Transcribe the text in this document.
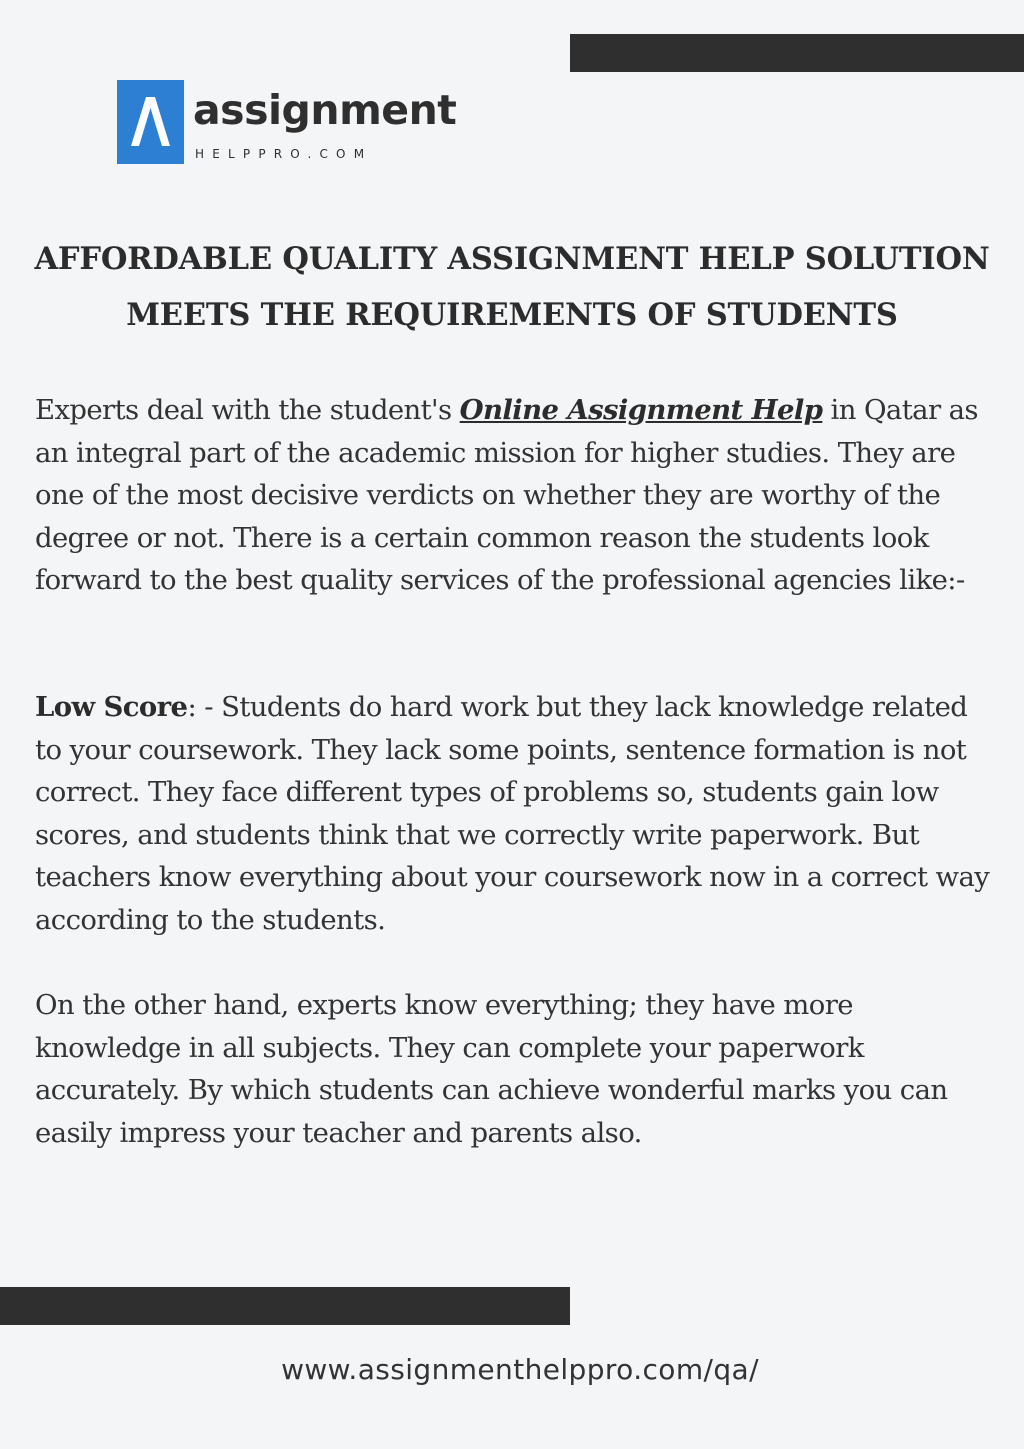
assignment
HELPPRO.COM
AFFORDABLE QUALITY ASSIGNMENT HELP SOLUTION
MEETS THE REQUIREMENTS OF STUDENTS

Experts deal with the student's Online Assignment Help in Qatar as an integral part of the academic mission for higher studies. They are one of the most decisive verdicts on whether they are worthy of the degree or not. There is a certain common reason the students look forward to the best quality services of the professional agencies like:-

Low Score: - Students do hard work but they lack knowledge related to your coursework. They lack some points, sentence formation is not correct. They face different types of problems so, students gain low scores, and students think that we correctly write paperwork. But teachers know everything about your coursework now in a correct way according to the students.

On the other hand, experts know everything; they have more knowledge in all subjects. They can complete your paperwork accurately. By which students can achieve wonderful marks you can easily impress your teacher and parents also.

www.assignmenthelppro.com/qa/
